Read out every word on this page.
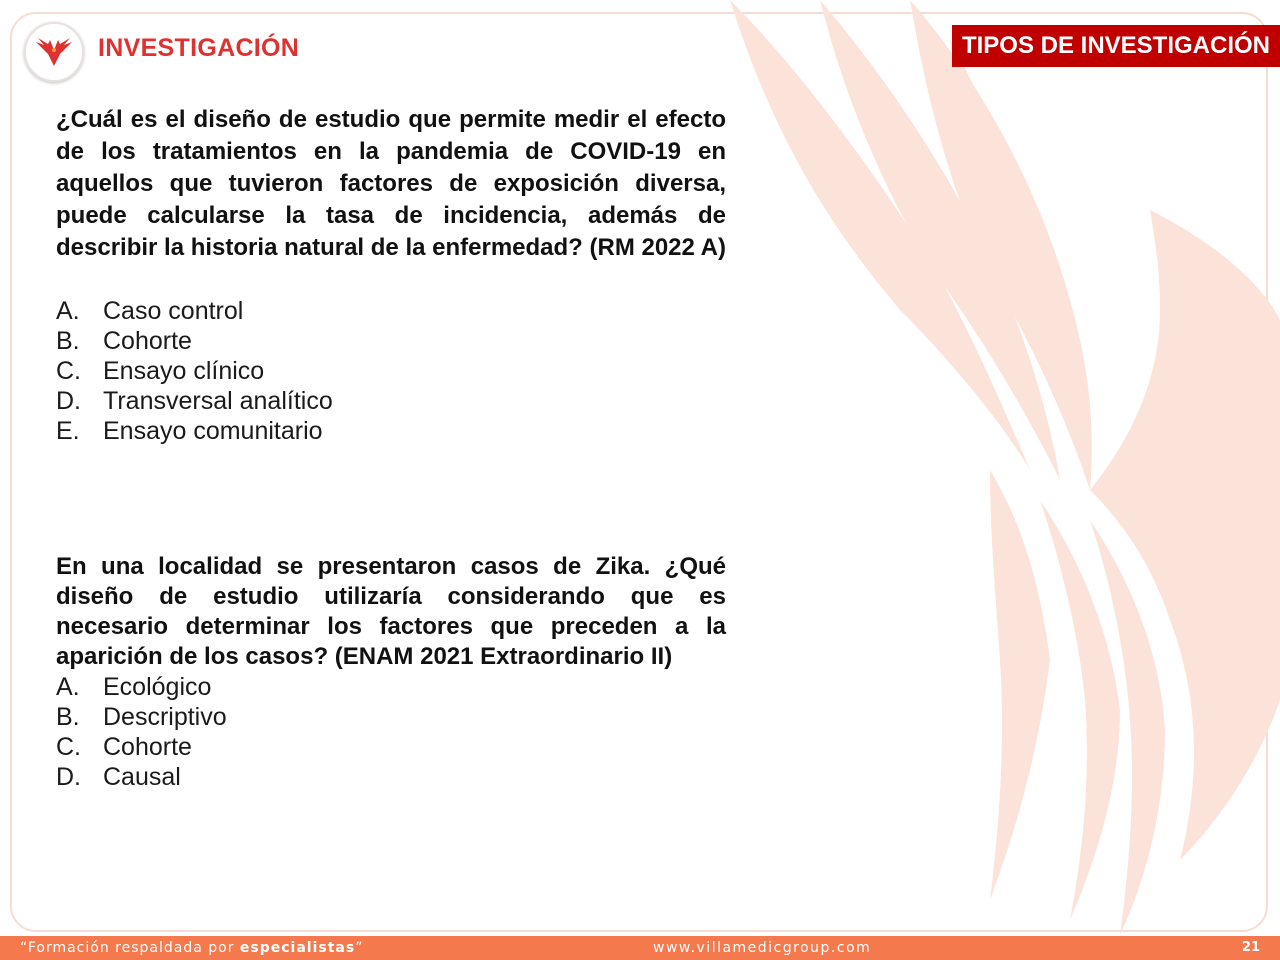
INVESTIGACIÓN	TIPOS DE INVESTIGACIÓN
¿Cuál es el diseño de estudio que permite medir el efecto de los tratamientos en la pandemia de COVID-19 en aquellos que tuvieron factores de exposición diversa, puede calcularse la tasa de incidencia, además de describir la historia natural de la enfermedad? (RM 2022 A)
A. Caso control
B. Cohorte
C. Ensayo clínico
D. Transversal analítico
E. Ensayo comunitario
En una localidad se presentaron casos de Zika. ¿Qué diseño de estudio utilizaría considerando que es necesario determinar los factores que preceden a la aparición de los casos? (ENAM 2021 Extraordinario II)
A. Ecológico
B. Descriptivo
C. Cohorte
D. Causal
“Formación respaldada por especialistas”	www.villamedicgroup.com	21
